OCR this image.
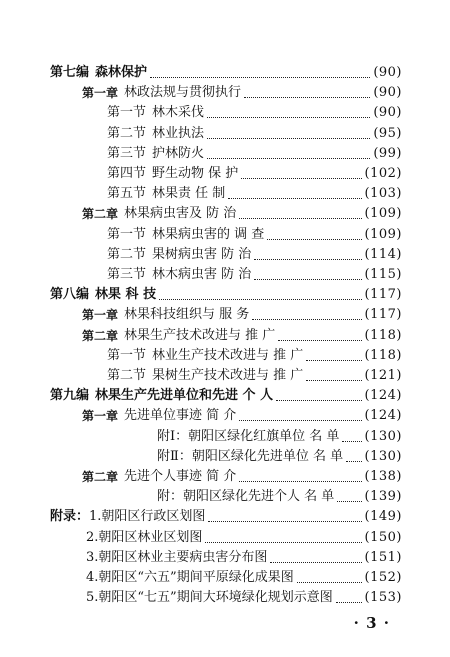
第七编 森林保护	(90)
第一章 林政法规与贯彻执行	(90)
第一节 林木采伐	(90)
第二节 林业执法	(95)
第三节 护林防火	(99)
第四节 野生动物 保 护	(102)
第五节 林果责 任 制	(103)
第二章 林果病虫害及 防 治	(109)
第一节 林果病虫害的 调 查	(109)
第二节 果树病虫害 防 治	(114)
第三节 林木病虫害 防 治	(115)
第八编 林果 科 技	(117)
第一章 林果科技组织与 服 务	(117)
第二章 林果生产技术改进与 推 广	(118)
第一节 林业生产技术改进与 推 广	(118)
第二节 果树生产技术改进与 推 广	(121)
第九编 林果生产先进单位和先进 个 人	(124)
第一章 先进单位事迹 简 介	(124)
附Ⅰ：朝阳区绿化红旗单位 名 单 (130)
附Ⅱ：朝阳区绿化先进单位 名 单 (130)
第二章 先进个人事迹 简 介	(138)
附：朝阳区绿化先进个人 名 单 (139)
附录： 1.朝阳区行政区划图	(149)
2.朝阳区林业区划图	(150)
3.朝阳区林业主要病虫害分布图	(151)
4.朝阳区“六五”期间平原绿化成果图	(152)
5.朝阳区“七五”期间大环境绿化规划示意图 (153)
· 3 ·
